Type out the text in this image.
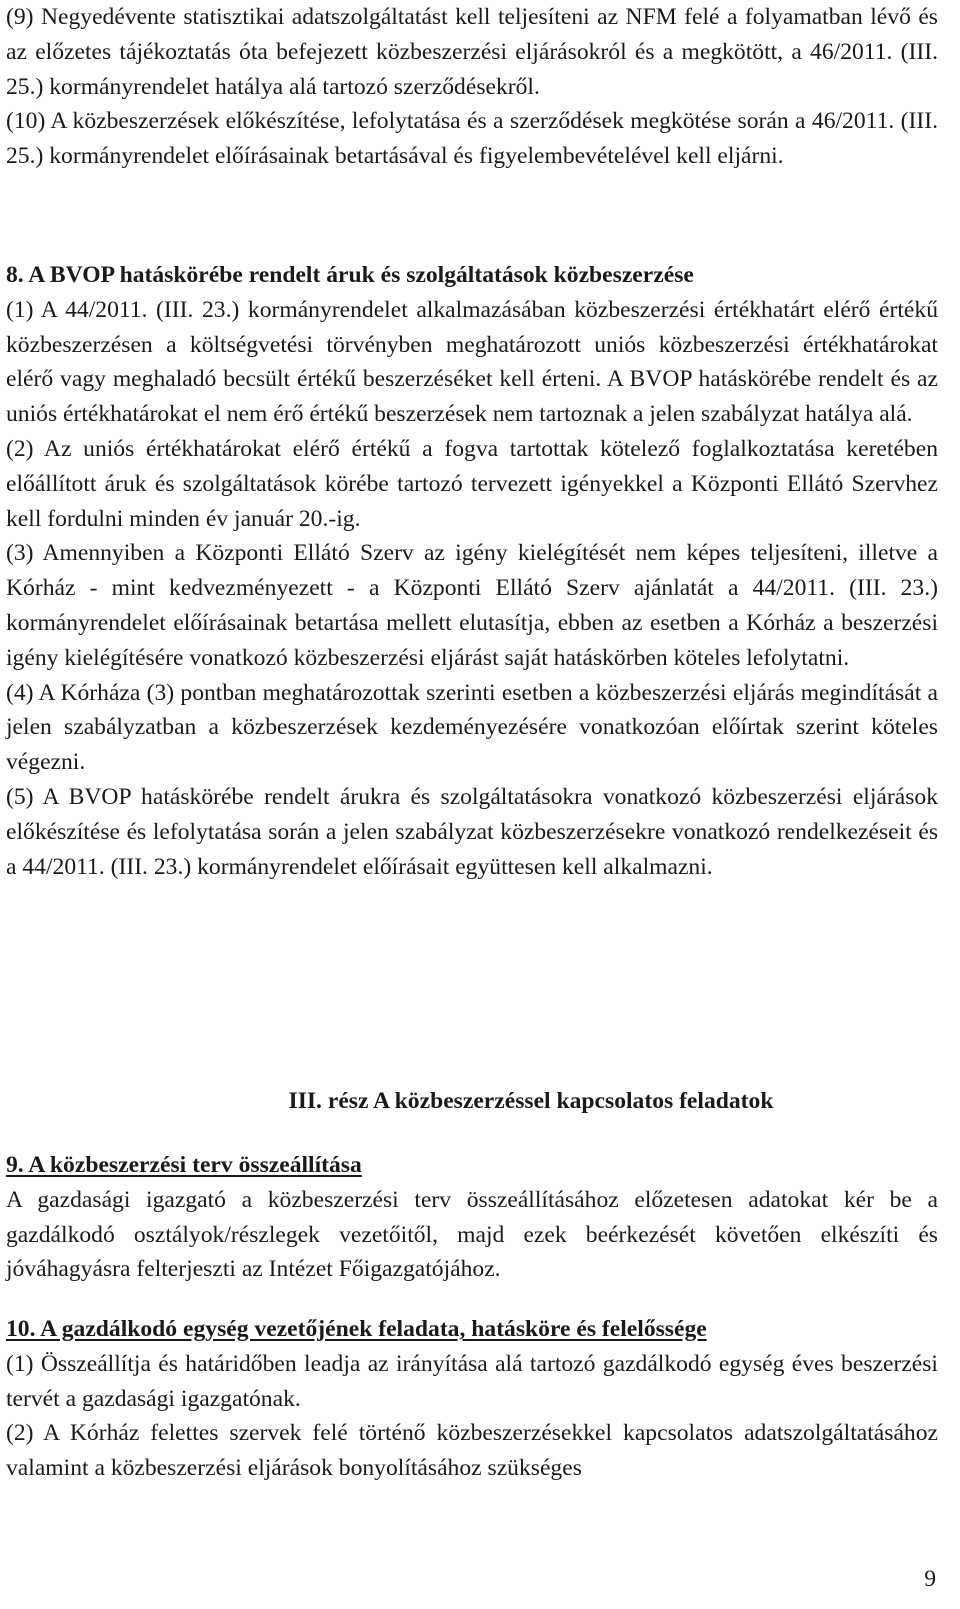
(9) Negyedévente statisztikai adatszolgáltatást kell teljesíteni az NFM felé a folyamatban lévő és az előzetes tájékoztatás óta befejezett közbeszerzési eljárásokról és a megkötött, a 46/2011. (III. 25.) kormányrendelet hatálya alá tartozó szerződésekről.

(10) A közbeszerzések előkészítése, lefolytatása és a szerződések megkötése során a 46/2011. (III. 25.) kormányrendelet előírásainak betartásával és figyelembevételével kell eljárni.

8. A BVOP hatáskörébe rendelt áruk és szolgáltatások közbeszerzése

(1) A 44/2011. (III. 23.) kormányrendelet alkalmazásában közbeszerzési értékhatárt elérő értékű közbeszerzésen a költségvetési törvényben meghatározott uniós közbeszerzési értékhatárokat elérő vagy meghaladó becsült értékű beszerzéséket kell érteni. A BVOP hatáskörébe rendelt és az uniós értékhatárokat el nem érő értékű beszerzések nem tartoznak a jelen szabályzat hatálya alá.

(2) Az uniós értékhatárokat elérő értékű a fogva tartottak kötelező foglalkoztatása keretében előállított áruk és szolgáltatások körébe tartozó tervezett igényekkel a Központi Ellátó Szervhez kell fordulni minden év január 20.-ig.

(3) Amennyiben a Központi Ellátó Szerv az igény kielégítését nem képes teljesíteni, illetve a Kórház - mint kedvezményezett - a Központi Ellátó Szerv ajánlatát a 44/2011. (III. 23.) kormányrendelet előírásainak betartása mellett elutasítja, ebben az esetben a Kórház a beszerzési igény kielégítésére vonatkozó közbeszerzési eljárást saját hatáskörben köteles lefolytatni.

(4) A Kórháza (3) pontban meghatározottak szerinti esetben a közbeszerzési eljárás megindítását a jelen szabályzatban a közbeszerzések kezdeményezésére vonatkozóan előírtak szerint köteles végezni.

(5) A BVOP hatáskörébe rendelt árukra és szolgáltatásokra vonatkozó közbeszerzési eljárások előkészítése és lefolytatása során a jelen szabályzat közbeszerzésekre vonatkozó rendelkezéseit és a 44/2011. (III. 23.) kormányrendelet előírásait együttesen kell alkalmazni.

III. rész A közbeszerzéssel kapcsolatos feladatok

9. A közbeszerzési terv összeállítása

A gazdasági igazgató a közbeszerzési terv összeállításához előzetesen adatokat kér be a gazdálkodó osztályok/részlegek vezetőitől, majd ezek beérkezését követően elkészíti és jóváhagyásra felterjeszti az Intézet Főigazgatójához.

10. A gazdálkodó egység vezetőjének feladata, hatásköre és felelőssége

(1) Összeállítja és határidőben leadja az irányítása alá tartozó gazdálkodó egység éves beszerzési tervét a gazdasági igazgatónak.

(2) A Kórház felettes szervek felé történő közbeszerzésekkel kapcsolatos adatszolgáltatásához valamint a közbeszerzési eljárások bonyolításához szükséges

9
